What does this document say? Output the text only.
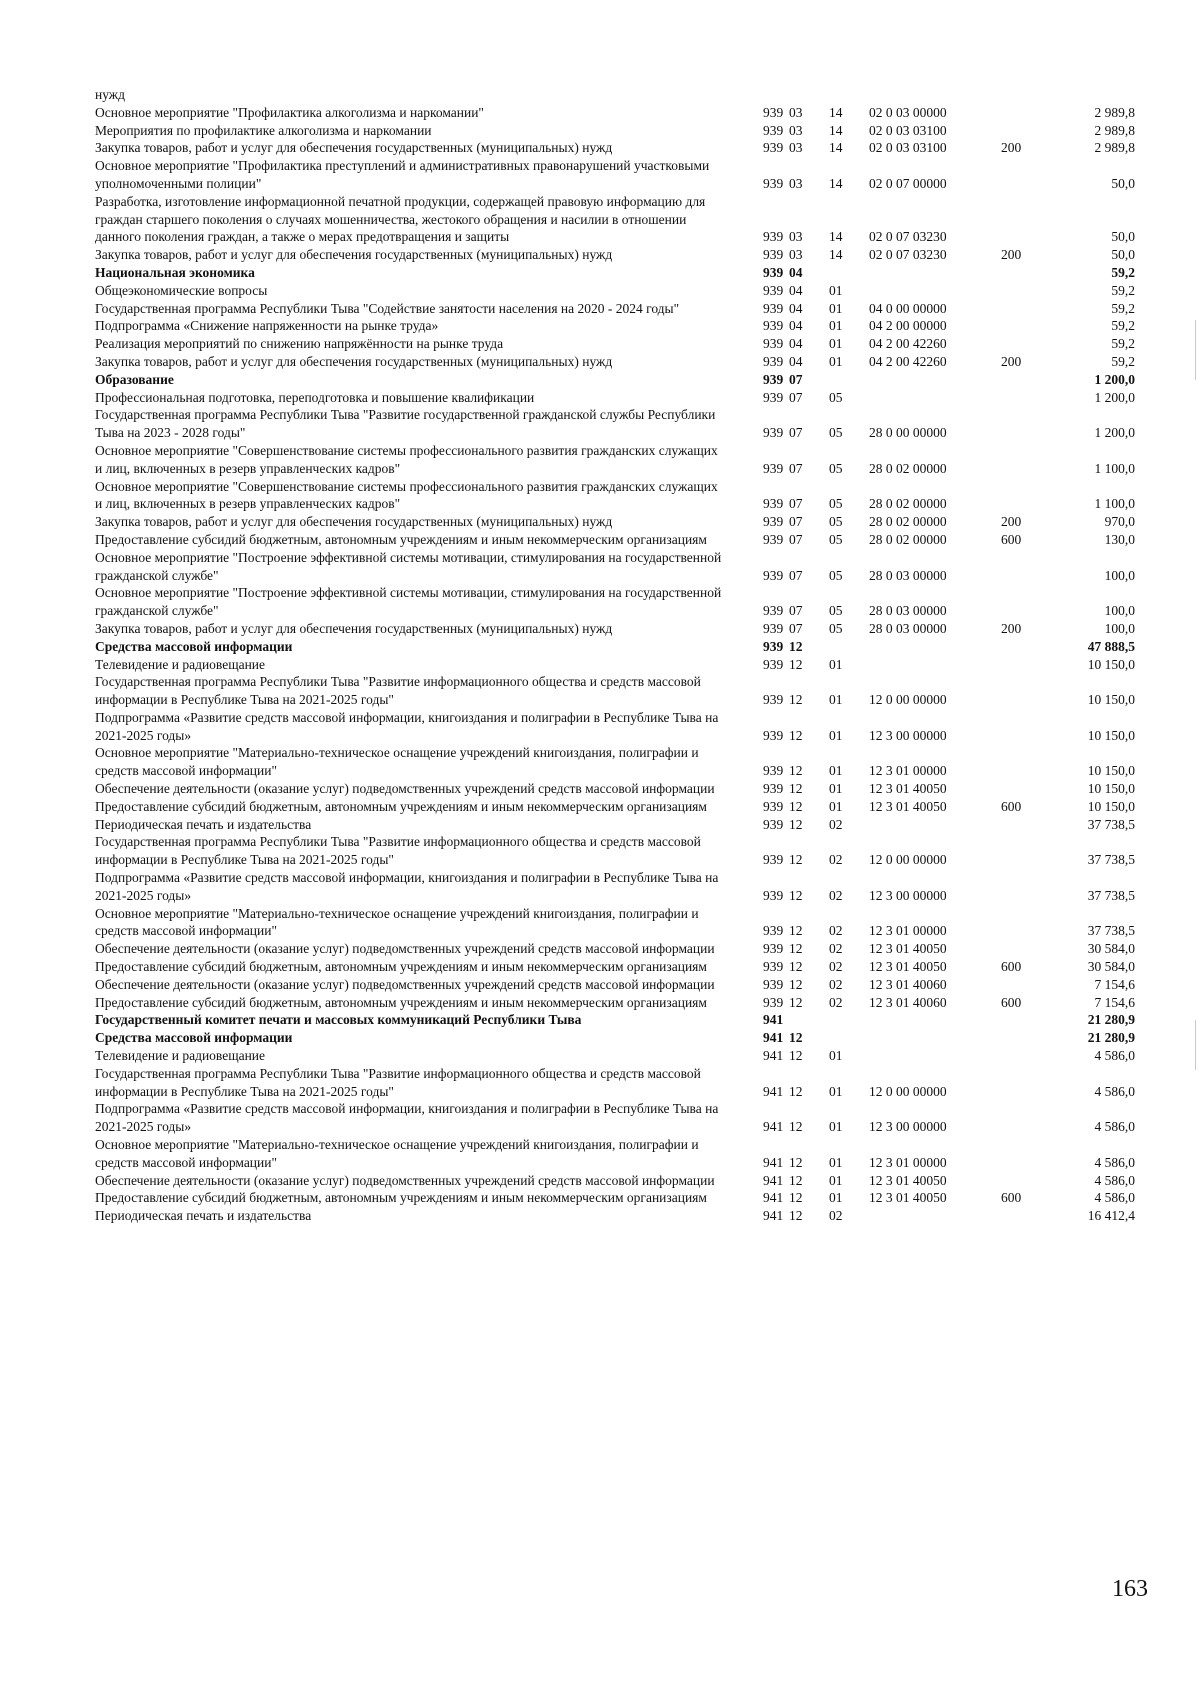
нужд						
Основное мероприятие "Профилактика алкоголизма и наркомании"	939	03	14	02 0 03 00000		2 989,8
Мероприятия по профилактике алкоголизма и наркомании	939	03	14	02 0 03 03100		2 989,8
Закупка товаров, работ и услуг для обеспечения государственных (муниципальных) нужд	939	03	14	02 0 03 03100	200	2 989,8
Основное мероприятие "Профилактика преступлений и административных правонарушений участковыми уполномоченными полиции"	939	03	14	02 0 07 00000		50,0
Разработка, изготовление информационной печатной продукции, содержащей правовую информацию для граждан старшего поколения о случаях мошенничества, жестокого обращения и насилии в отношении данного поколения граждан, а также о мерах предотвращения и защиты	939	03	14	02 0 07 03230		50,0
Закупка товаров, работ и услуг для обеспечения государственных (муниципальных) нужд	939	03	14	02 0 07 03230	200	50,0
Национальная экономика	939	04				59,2
Общеэкономические вопросы	939	04	01			59,2
Государственная программа Республики Тыва "Содействие занятости населения на 2020 - 2024 годы"	939	04	01	04 0 00 00000		59,2
Подпрограмма «Снижение напряженности на рынке труда»	939	04	01	04 2 00 00000		59,2
Реализация мероприятий по снижению напряжённости на рынке труда	939	04	01	04 2 00 42260		59,2
Закупка товаров, работ и услуг для обеспечения государственных (муниципальных) нужд	939	04	01	04 2 00 42260	200	59,2
Образование	939	07				1 200,0
Профессиональная подготовка, переподготовка и повышение квалификации	939	07	05			1 200,0
Государственная программа Республики Тыва "Развитие государственной гражданской службы Республики Тыва на 2023 - 2028 годы"	939	07	05	28 0 00 00000		1 200,0
Основное мероприятие "Совершенствование системы профессионального развития гражданских служащих и лиц, включенных в резерв управленческих кадров"	939	07	05	28 0 02 00000		1 100,0
Основное мероприятие "Совершенствование системы профессионального развития гражданских служащих и лиц, включенных в резерв управленческих кадров"	939	07	05	28 0 02 00000		1 100,0
Закупка товаров, работ и услуг для обеспечения государственных (муниципальных) нужд	939	07	05	28 0 02 00000	200	970,0
Предоставление субсидий бюджетным, автономным учреждениям и иным некоммерческим организациям	939	07	05	28 0 02 00000	600	130,0
Основное мероприятие "Построение эффективной системы мотивации, стимулирования на государственной гражданской службе"	939	07	05	28 0 03 00000		100,0
Основное мероприятие "Построение эффективной системы мотивации, стимулирования на государственной гражданской службе"	939	07	05	28 0 03 00000		100,0
Закупка товаров, работ и услуг для обеспечения государственных (муниципальных) нужд	939	07	05	28 0 03 00000	200	100,0
Средства массовой информации	939	12				47 888,5
Телевидение и радиовещание	939	12	01			10 150,0
Государственная программа Республики Тыва "Развитие информационного общества и средств массовой информации в Республике Тыва на 2021-2025 годы"	939	12	01	12 0 00 00000		10 150,0
Подпрограмма «Развитие средств массовой информации, книгоиздания и полиграфии в Республике Тыва на 2021-2025 годы»	939	12	01	12 3 00 00000		10 150,0
Основное мероприятие "Материально-техническое оснащение учреждений книгоиздания, полиграфии и средств массовой информации"	939	12	01	12 3 01 00000		10 150,0
Обеспечение деятельности (оказание услуг) подведомственных учреждений средств массовой информации	939	12	01	12 3 01 40050		10 150,0
Предоставление субсидий бюджетным, автономным учреждениям и иным некоммерческим организациям	939	12	01	12 3 01 40050	600	10 150,0
Периодическая печать и издательства	939	12	02			37 738,5
Государственная программа Республики Тыва "Развитие информационного общества и средств массовой информации в Республике Тыва на 2021-2025 годы"	939	12	02	12 0 00 00000		37 738,5
Подпрограмма «Развитие средств массовой информации, книгоиздания и полиграфии в Республике Тыва на 2021-2025 годы»	939	12	02	12 3 00 00000		37 738,5
Основное мероприятие "Материально-техническое оснащение учреждений книгоиздания, полиграфии и средств массовой информации"	939	12	02	12 3 01 00000		37 738,5
Обеспечение деятельности (оказание услуг) подведомственных учреждений средств массовой информации	939	12	02	12 3 01 40050		30 584,0
Предоставление субсидий бюджетным, автономным учреждениям и иным некоммерческим организациям	939	12	02	12 3 01 40050	600	30 584,0
Обеспечение деятельности (оказание услуг) подведомственных учреждений средств массовой информации	939	12	02	12 3 01 40060		7 154,6
Предоставление субсидий бюджетным, автономным учреждениям и иным некоммерческим организациям	939	12	02	12 3 01 40060	600	7 154,6
Государственный комитет печати и массовых коммуникаций Республики Тыва	941					21 280,9
Средства массовой информации	941	12				21 280,9
Телевидение и радиовещание	941	12	01			4 586,0
Государственная программа Республики Тыва "Развитие информационного общества и средств массовой информации в Республике Тыва на 2021-2025 годы"	941	12	01	12 0 00 00000		4 586,0
Подпрограмма «Развитие средств массовой информации, книгоиздания и полиграфии в Республике Тыва на 2021-2025 годы»	941	12	01	12 3 00 00000		4 586,0
Основное мероприятие "Материально-техническое оснащение учреждений книгоиздания, полиграфии и средств массовой информации"	941	12	01	12 3 01 00000		4 586,0
Обеспечение деятельности (оказание услуг) подведомственных учреждений средств массовой информации	941	12	01	12 3 01 40050		4 586,0
Предоставление субсидий бюджетным, автономным учреждениям и иным некоммерческим организациям	941	12	01	12 3 01 40050	600	4 586,0
Периодическая печать и издательства	941	12	02			16 412,4
163
